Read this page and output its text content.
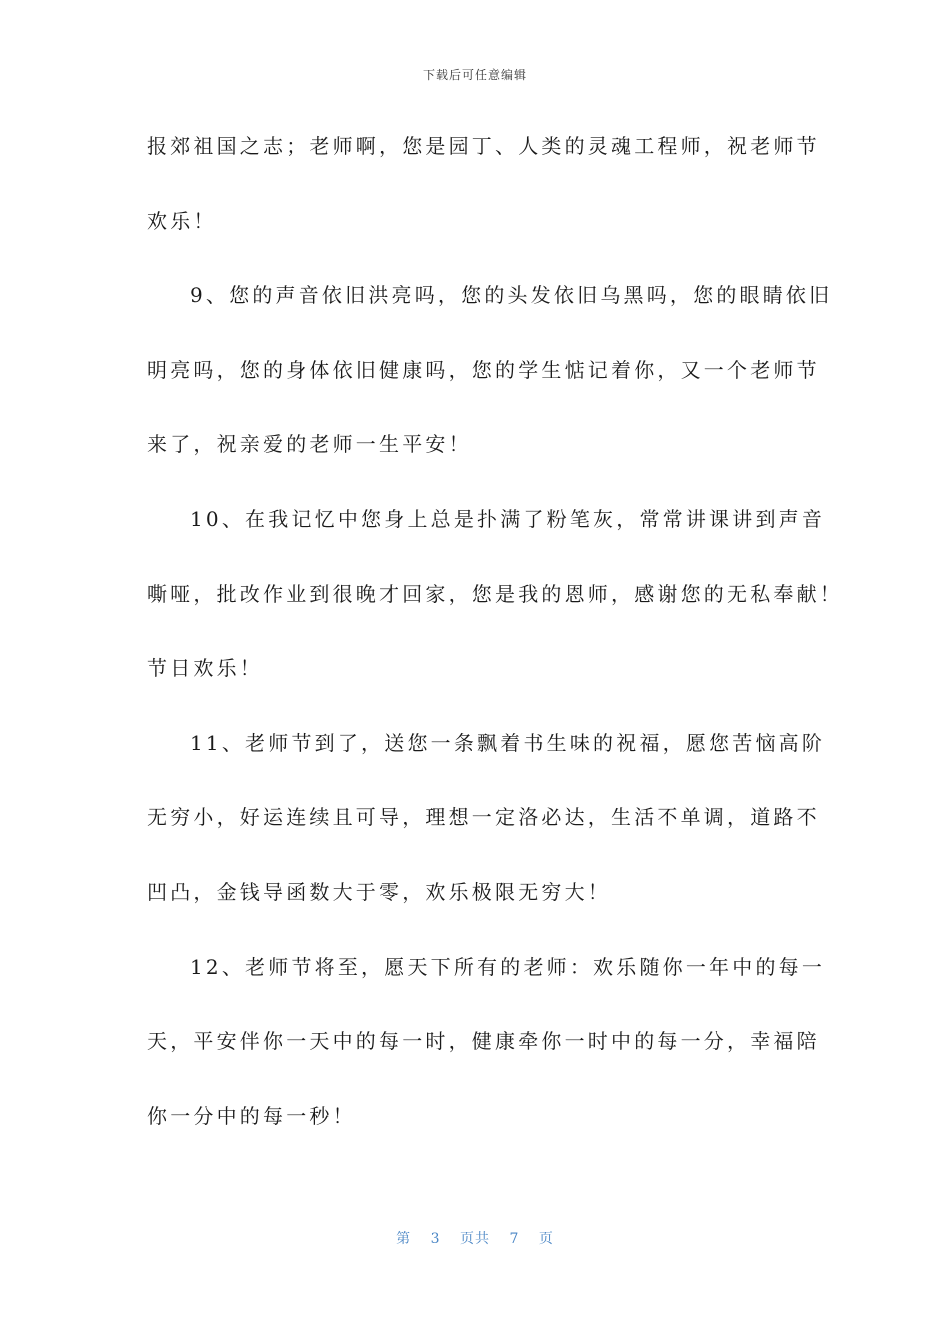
下载后可任意编辑
报郊祖国之志；老师啊，您是园丁、人类的灵魂工程师，祝老师节
欢乐！
9、您的声音依旧洪亮吗，您的头发依旧乌黑吗，您的眼睛依旧
明亮吗，您的身体依旧健康吗，您的学生惦记着你，又一个老师节
来了，祝亲爱的老师一生平安！
10、在我记忆中您身上总是扑满了粉笔灰，常常讲课讲到声音
嘶哑，批改作业到很晚才回家，您是我的恩师，感谢您的无私奉献！
节日欢乐！
11、老师节到了，送您一条飘着书生味的祝福，愿您苦恼高阶
无穷小，好运连续且可导，理想一定洛必达，生活不单调，道路不
凹凸，金钱导函数大于零，欢乐极限无穷大！
12、老师节将至，愿天下所有的老师：欢乐随你一年中的每一
天，平安伴你一天中的每一时，健康牵你一时中的每一分，幸福陪
你一分中的每一秒！
第 3 页共 7 页
